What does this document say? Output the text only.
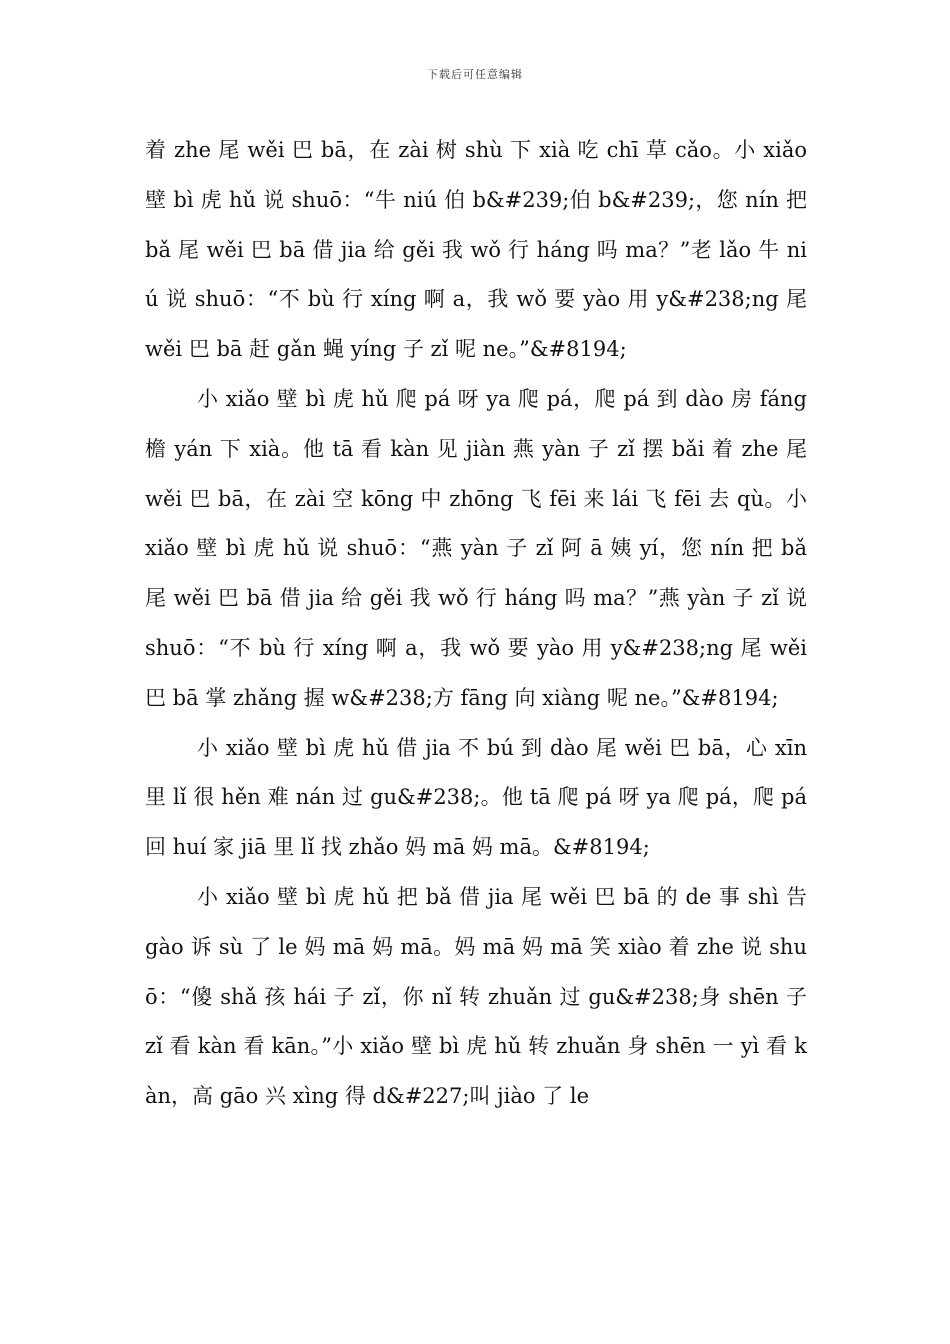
下载后可任意编辑

着 zhe 尾 wěi 巴 bā，在 zài 树 shù 下 xià 吃 chī 草 cǎo。小 xiǎo 壁 bì 虎 hǔ 说 shuō：“牛 niú 伯 b&#239;伯 b&#239;，您 nín 把 bǎ 尾 wěi 巴 bā 借 jia 给 gěi 我 wǒ 行 háng 吗 ma？”老 lǎo 牛 niú 说 shuō：“不 bù 行 xíng 啊 a，我 wǒ 要 yào 用 y&#238;ng 尾 wěi 巴 bā 赶 gǎn 蝇 yíng 子 zǐ 呢 ne。”&#8194;

小 xiǎo 壁 bì 虎 hǔ 爬 pá 呀 ya 爬 pá，爬 pá 到 dào 房 fáng 檐 yán 下 xià。他 tā 看 kàn 见 jiàn 燕 yàn 子 zǐ 摆 bǎi 着 zhe 尾 wěi 巴 bā，在 zài 空 kōng 中 zhōng 飞 fēi 来 lái 飞 fēi 去 qù。小 xiǎo 壁 bì 虎 hǔ 说 shuō：“燕 yàn 子 zǐ 阿 ā 姨 yí，您 nín 把 bǎ 尾 wěi 巴 bā 借 jia 给 gěi 我 wǒ 行 háng 吗 ma？”燕 yàn 子 zǐ 说 shuō：“不 bù 行 xíng 啊 a，我 wǒ 要 yào 用 y&#238;ng 尾 wěi 巴 bā 掌 zhǎng 握 w&#238;方 fāng 向 xiàng 呢 ne。”&#8194;

小 xiǎo 壁 bì 虎 hǔ 借 jia 不 bú 到 dào 尾 wěi 巴 bā，心 xīn 里 lǐ 很 hěn 难 nán 过 gu&#238;。他 tā 爬 pá 呀 ya 爬 pá，爬 pá 回 huí 家 jiā 里 lǐ 找 zhǎo 妈 mā 妈 mā。&#8194;

小 xiǎo 壁 bì 虎 hǔ 把 bǎ 借 jia 尾 wěi 巴 bā 的 de 事 shì 告 gào 诉 sù 了 le 妈 mā 妈 mā。妈 mā 妈 mā 笑 xiào 着 zhe 说 shuō：“傻 shǎ 孩 hái 子 zǐ，你 nǐ 转 zhuǎn 过 gu&#238;身 shēn 子 zǐ 看 kàn 看 kān。”小 xiǎo 壁 bì 虎 hǔ 转 zhuǎn 身 shēn 一 yì 看 kàn，高 gāo 兴 xìng 得 d&#227;叫 jiào 了 le
